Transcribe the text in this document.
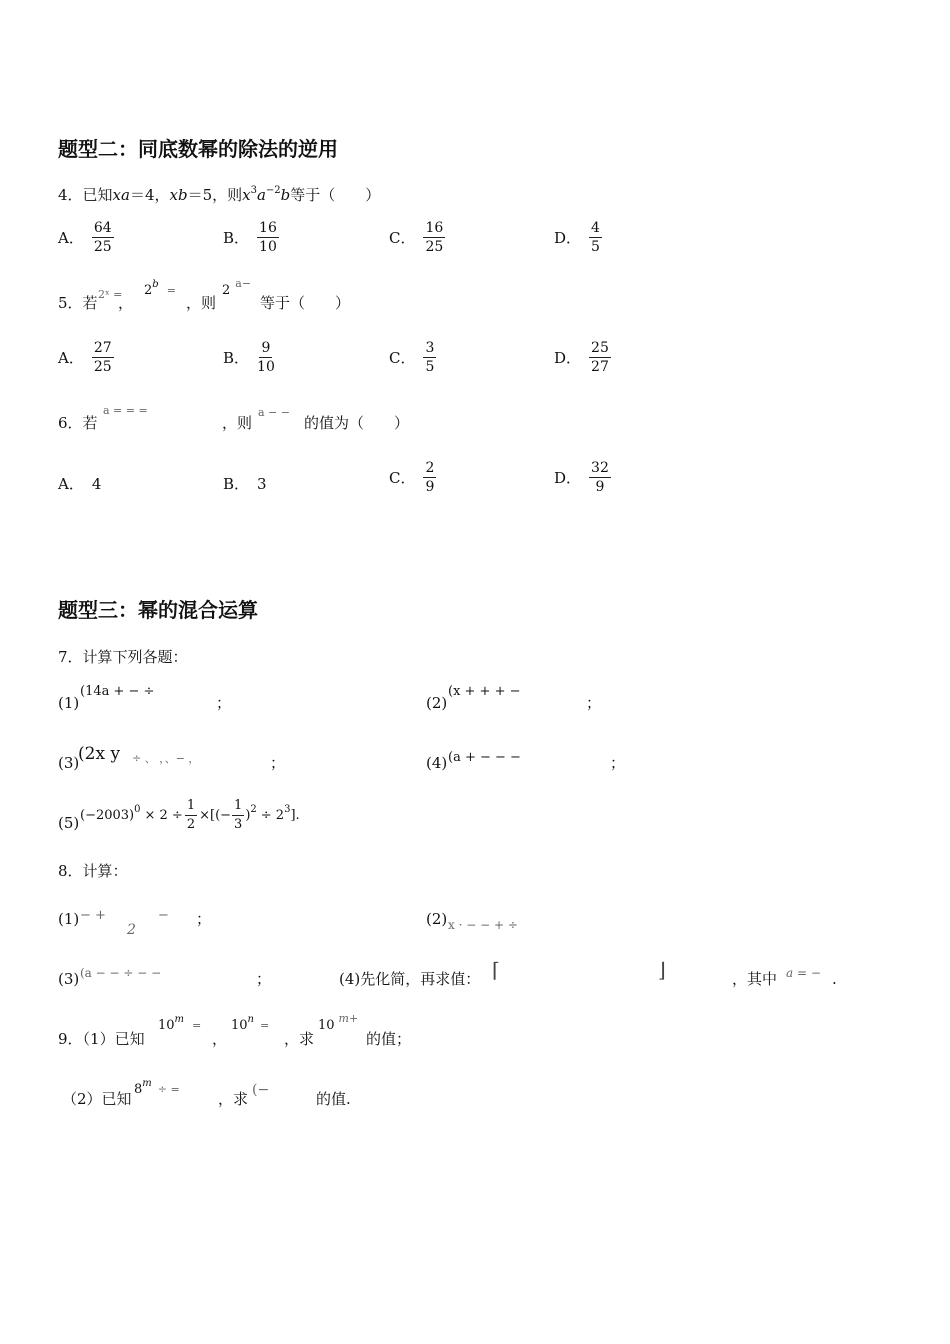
题型二：同底数幂的除法的逆用
4．已知xa＝4，xb＝5，则$x^3a^{-2}b$等于（　　）
A． $\frac{64}{25}$	B． $\frac{16}{10}$	C． $\frac{16}{25}$	D． $\frac{4}{5}$
5．若 2ˣ =
，
$2^b$ =
，则
2 $^{a-}$
等于（　　）
A． $\frac{27}{25}$	B． $\frac{9}{10}$	C． $\frac{3}{5}$	D． $\frac{25}{27}$
6．若
a = = =
，则
a − −
的值为（　　）
A． 4	B． 3	C． $\frac{2}{9}$	D． $\frac{32}{9}$
题型三：幂的混合运算
7．计算下列各题：
(1)
(14a + − ÷
；	(2)
(x + + + −
；
(3)
(2x y ÷ 、 ，、− ，	；	(4) (a + − − −	；
(5) (−2003) $0 \times 2 \div \frac{1}{2}$ ×[(− $\frac{1}{3}$ ) 2 ÷ 2 3 ].
8．计算：
(1) − +
2
− ；	(2) x · − − + ÷
(3) (a − − ÷ − −	；	(4)先化简，再求值： ⌈	⌋	，其中 a = − .
9．（1）已知
$10^m$ =
，
$10^n$ =
，求
10 $^{m+}$
的值；
（2）已知
$8^m$ ÷ =
，求 (−	的值.
